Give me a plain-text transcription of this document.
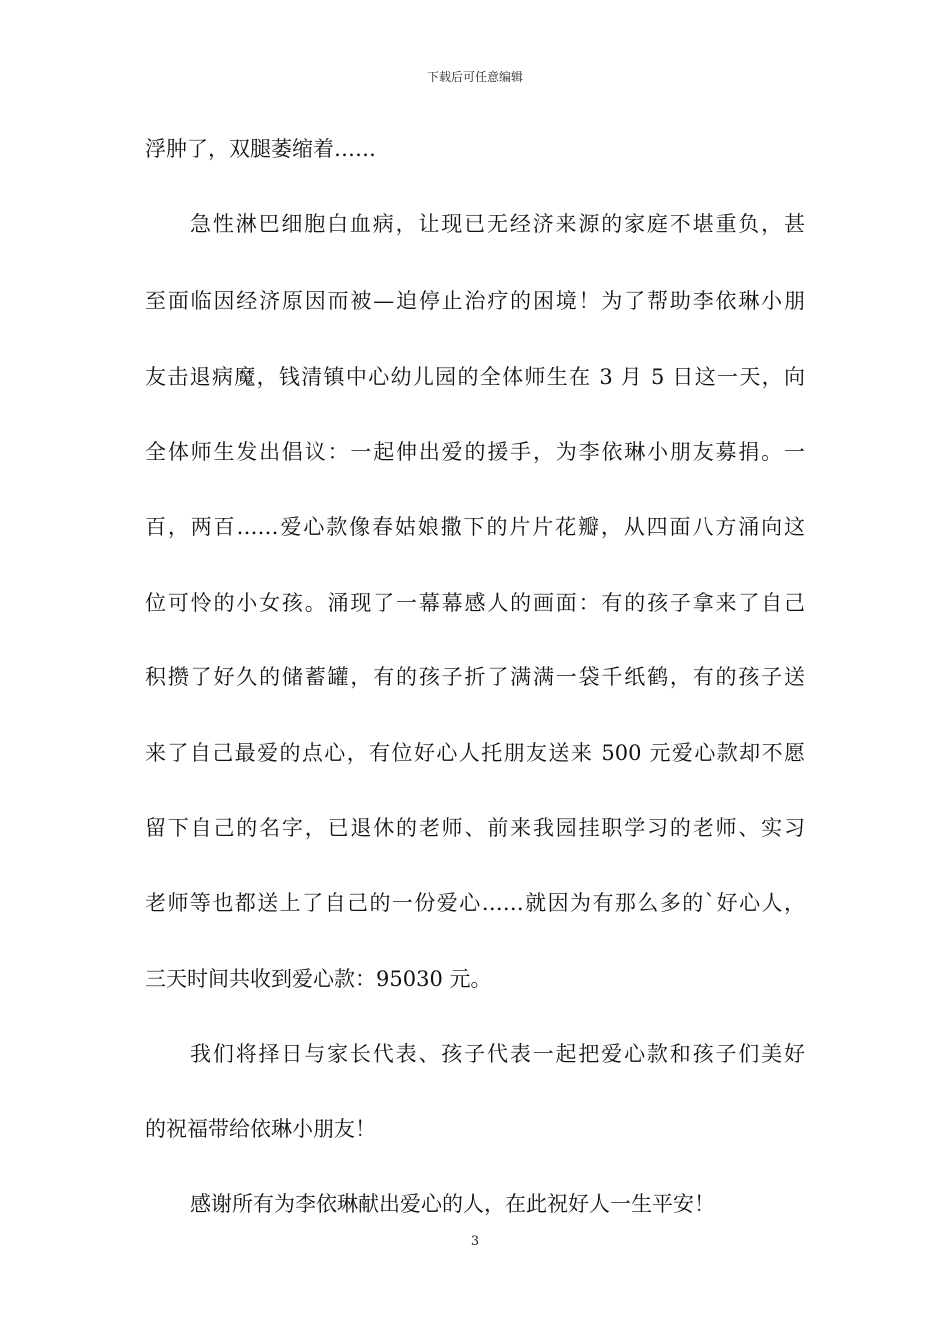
下载后可任意编辑
浮肿了，双腿萎缩着……
急性淋巴细胞白血病，让现已无经济来源的家庭不堪重负，甚
至面临因经济原因而被—迫停止治疗的困境！为了帮助李依琳小朋
友击退病魔，钱清镇中心幼儿园的全体师生在 3 月 5 日这一天，向
全体师生发出倡议：一起伸出爱的援手，为李依琳小朋友募捐。一
百，两百……爱心款像春姑娘撒下的片片花瓣，从四面八方涌向这
位可怜的小女孩。涌现了一幕幕感人的画面：有的孩子拿来了自己
积攒了好久的储蓄罐，有的孩子折了满满一袋千纸鹤，有的孩子送
来了自己最爱的点心，有位好心人托朋友送来 500 元爱心款却不愿
留下自己的名字，已退休的老师、前来我园挂职学习的老师、实习
老师等也都送上了自己的一份爱心……就因为有那么多的`好心人，
三天时间共收到爱心款：95030 元。
我们将择日与家长代表、孩子代表一起把爱心款和孩子们美好
的祝福带给依琳小朋友！
感谢所有为李依琳献出爱心的人，在此祝好人一生平安！
3
